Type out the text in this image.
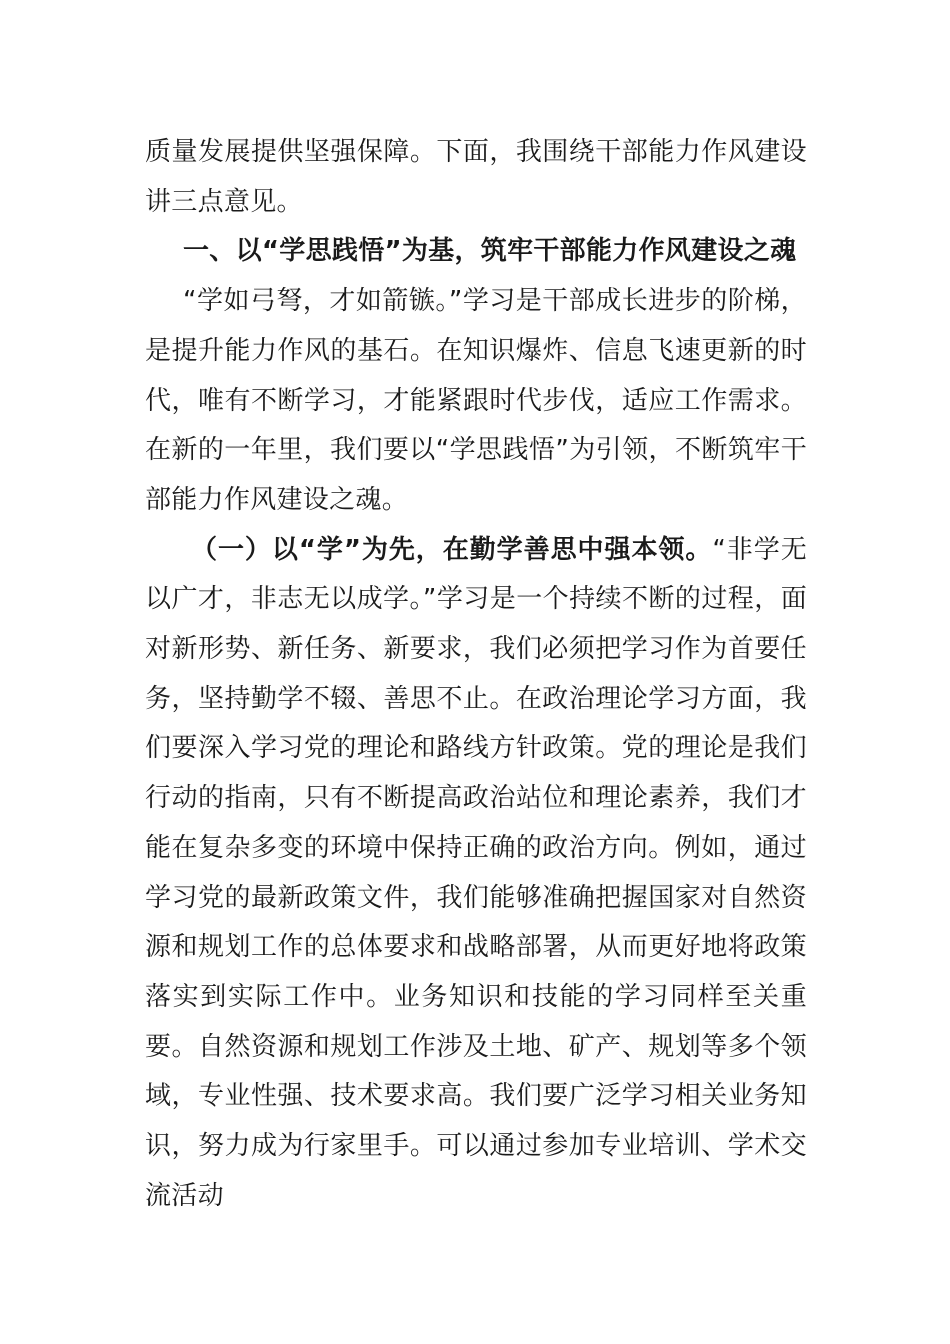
质量发展提供坚强保障。下面，我围绕干部能力作风建设讲三点意见。

一、以“学思践悟”为基，筑牢干部能力作风建设之魂

“学如弓弩，才如箭镞。”学习是干部成长进步的阶梯，是提升能力作风的基石。在知识爆炸、信息飞速更新的时代，唯有不断学习，才能紧跟时代步伐，适应工作需求。在新的一年里，我们要以“学思践悟”为引领，不断筑牢干部能力作风建设之魂。

（一）以“学”为先，在勤学善思中强本领。“非学无以广才，非志无以成学。”学习是一个持续不断的过程，面对新形势、新任务、新要求，我们必须把学习作为首要任务，坚持勤学不辍、善思不止。在政治理论学习方面，我们要深入学习党的理论和路线方针政策。党的理论是我们行动的指南，只有不断提高政治站位和理论素养，我们才能在复杂多变的环境中保持正确的政治方向。例如，通过学习党的最新政策文件，我们能够准确把握国家对自然资源和规划工作的总体要求和战略部署，从而更好地将政策落实到实际工作中。业务知识和技能的学习同样至关重要。自然资源和规划工作涉及土地、矿产、规划等多个领域，专业性强、技术要求高。我们要广泛学习相关业务知识，努力成为行家里手。可以通过参加专业培训、学术交流活动
